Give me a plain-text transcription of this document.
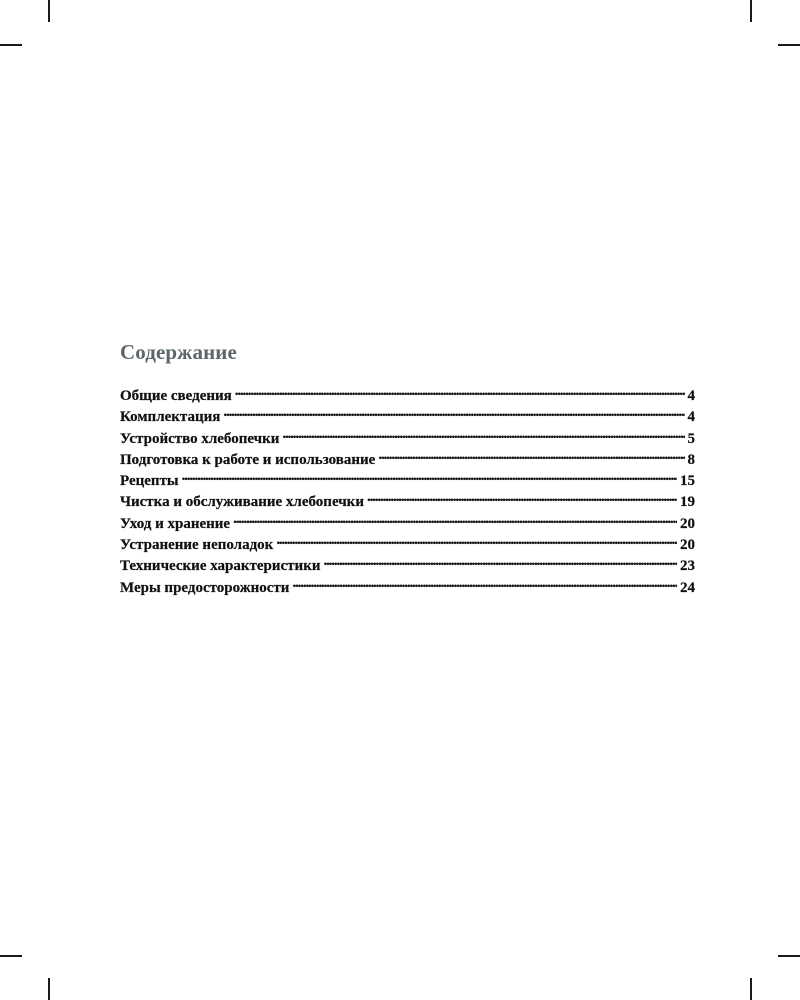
Содержание
Общие сведения . . .	4
Комплектация . . .	4
Устройство хлебопечки . . .	5
Подготовка к работе и использование . . .	8
Рецепты . . .	15
Чистка и обслуживание хлебопечки . . .	19
Уход и хранение . . .	20
Устранение неполадок . . .	20
Технические характеристики . . .	23
Меры предосторожности . . .	24
